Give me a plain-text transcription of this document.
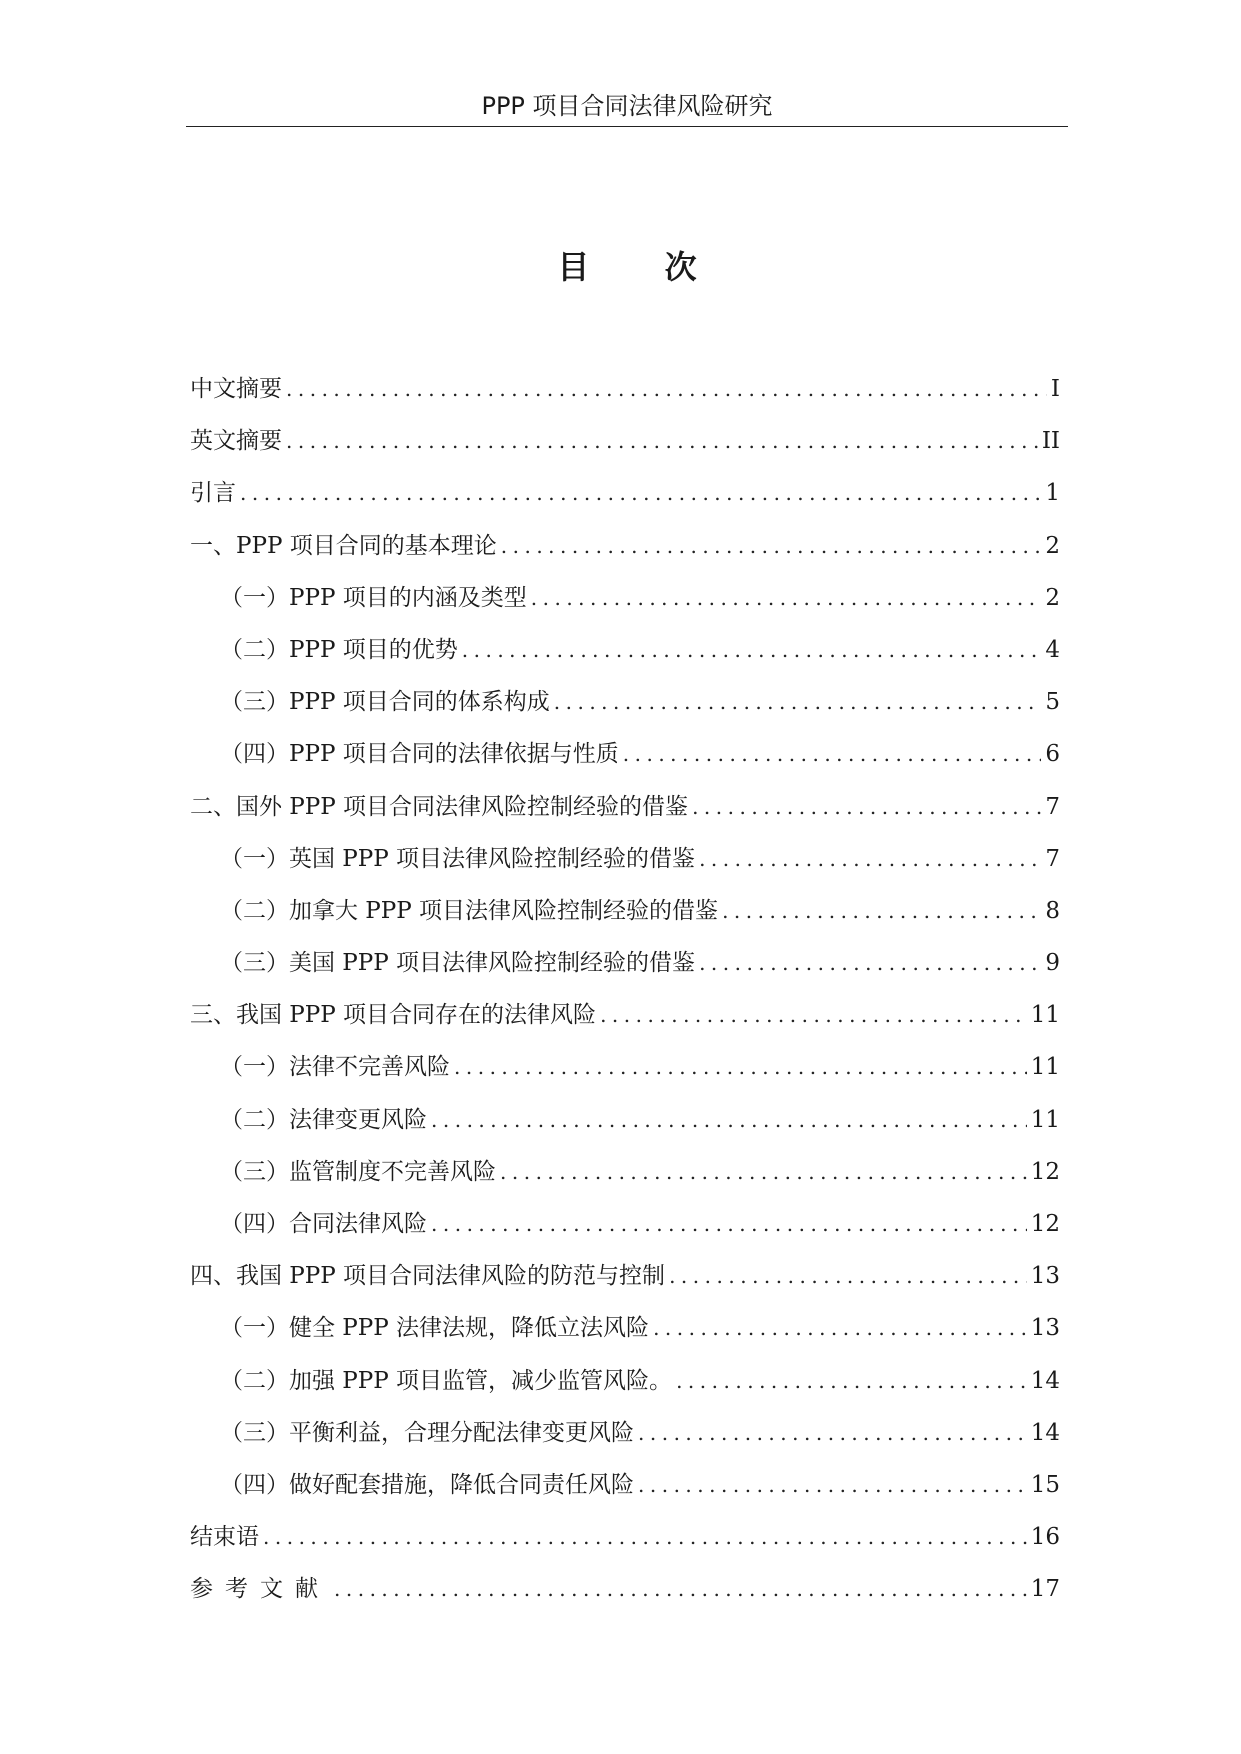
PPP 项目合同法律风险研究
目 次
中文摘要 .....	I
英文摘要 .....	II
引言 .....	1
一、PPP 项目合同的基本理论 .....	2
（一）PPP 项目的内涵及类型 .....	2
（二）PPP 项目的优势 .....	4
（三）PPP 项目合同的体系构成 .....	5
（四）PPP 项目合同的法律依据与性质 .....	6
二、国外 PPP 项目合同法律风险控制经验的借鉴 .....	7
（一）英国 PPP 项目法律风险控制经验的借鉴 .....	7
（二）加拿大 PPP 项目法律风险控制经验的借鉴 .....	8
（三）美国 PPP 项目法律风险控制经验的借鉴 .....	9
三、我国 PPP 项目合同存在的法律风险 .....	11
（一）法律不完善风险 .....	11
（二）法律变更风险 .....	11
（三）监管制度不完善风险 .....	12
（四）合同法律风险 .....	12
四、我国 PPP 项目合同法律风险的防范与控制 .....	13
（一）健全 PPP 法律法规，降低立法风险 .....	13
（二）加强 PPP 项目监管，减少监管风险。 .....	14
（三）平衡利益，合理分配法律变更风险 .....	14
（四）做好配套措施，降低合同责任风险 .....	15
结束语 .....	16
参考文献 .....	17
